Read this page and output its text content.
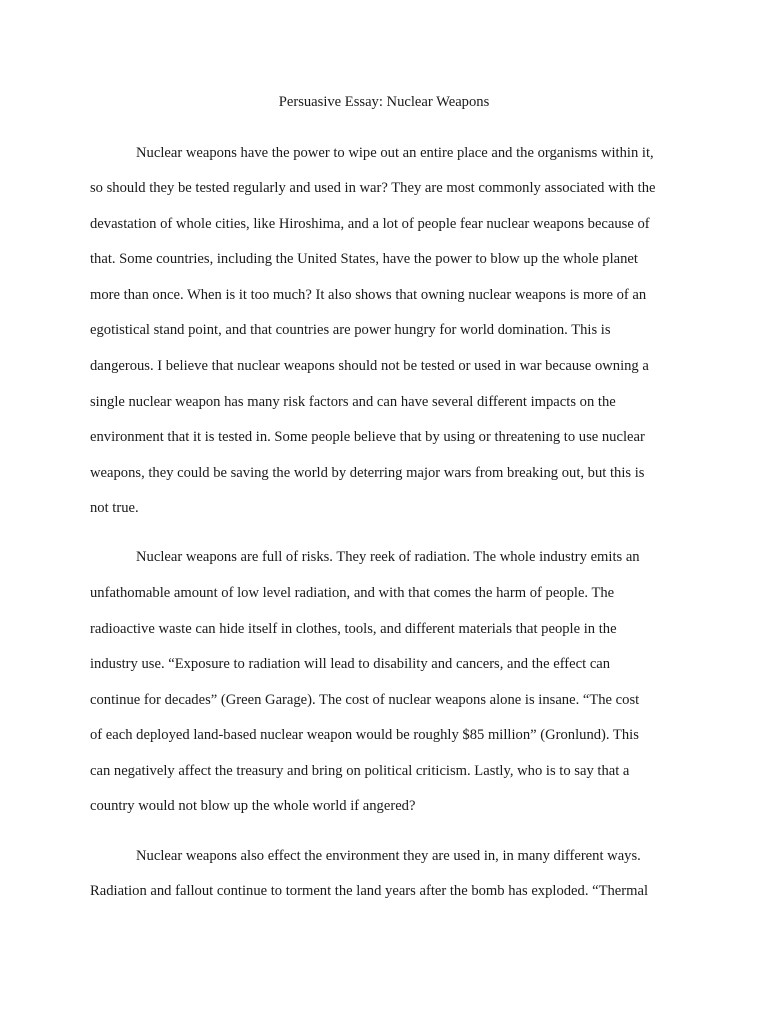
Persuasive Essay: Nuclear Weapons

Nuclear weapons have the power to wipe out an entire place and the organisms within it,

so should they be tested regularly and used in war? They are most commonly associated with the

devastation of whole cities, like Hiroshima, and a lot of people fear nuclear weapons because of

that. Some countries, including the United States, have the power to blow up the whole planet

more than once. When is it too much? It also shows that owning nuclear weapons is more of an

egotistical stand point, and that countries are power hungry for world domination. This is

dangerous. I believe that nuclear weapons should not be tested or used in war because owning a

single nuclear weapon has many risk factors and can have several different impacts on the

environment that it is tested in. Some people believe that by using or threatening to use nuclear

weapons, they could be saving the world by deterring major wars from breaking out, but this is

not true.

Nuclear weapons are full of risks. They reek of radiation. The whole industry emits an

unfathomable amount of low level radiation, and with that comes the harm of people. The

radioactive waste can hide itself in clothes, tools, and different materials that people in the

industry use. “Exposure to radiation will lead to disability and cancers, and the effect can

continue for decades” (Green Garage). The cost of nuclear weapons alone is insane. “The cost

of each deployed land-based nuclear weapon would be roughly $85 million” (Gronlund). This

can negatively affect the treasury and bring on political criticism. Lastly, who is to say that a

country would not blow up the whole world if angered?

Nuclear weapons also effect the environment they are used in, in many different ways.

Radiation and fallout continue to torment the land years after the bomb has exploded. “Thermal
